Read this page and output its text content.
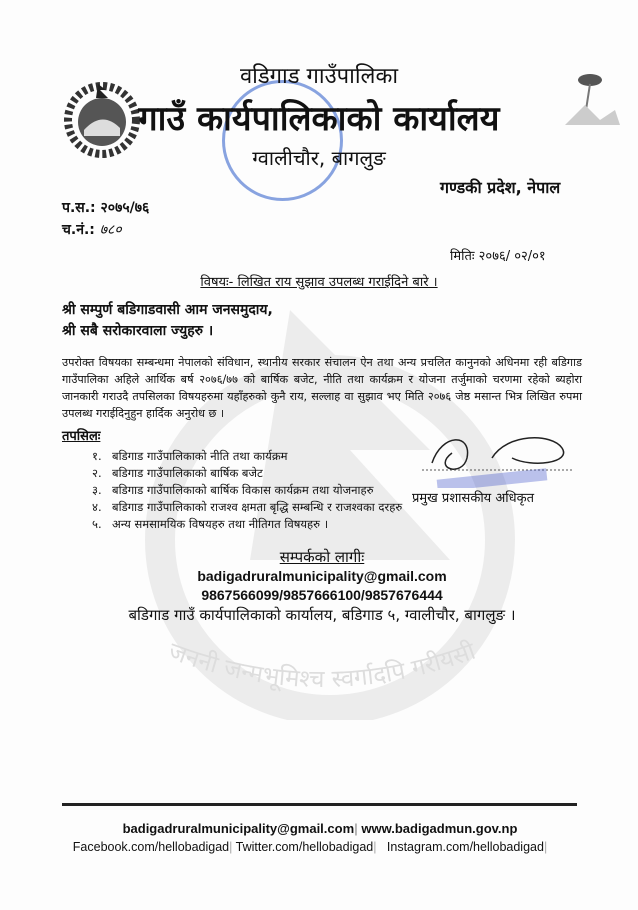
वडिगाड गाउँपालिका
गाउँ कार्यपालिकाको कार्यालय
ग्वालीचौर, बागलुङ
गण्डकी प्रदेश, नेपाल
प.स.: २०७५/७६
च.नं.: ७८०
मितिः २०७६/ ०२/०१
विषयः- लिखित राय सुझाव उपलब्ध गराईदिने बारे ।
श्री सम्पुर्ण बडिगाडवासी आम जनसमुदाय,
श्री सबै सरोकारवाला ज्युहरु ।
उपरोक्त विषयका सम्बन्धमा नेपालको संविधान, स्थानीय सरकार संचालन ऐन तथा अन्य प्रचलित कानुनको अधिनमा रही बडिगाड गाउँपालिका अहिले आर्थिक बर्ष २०७६/७७ को बार्षिक बजेट, नीति तथा कार्यक्रम र योजना तर्जुमाको चरणमा रहेको ब्यहोरा जानकारी गराउदै तपसिलका विषयहरुमा यहाँहरुको कुनै राय, सल्लाह वा सुझाव भए मिति २०७६ जेष्ठ मसान्त भित्र लिखित रुपमा उपलब्ध गराईदिनुहुन हार्दिक अनुरोध छ ।
तपसिलः
१. बडिगाड गाउँपालिकाको नीति तथा कार्यक्रम
२. बडिगाड गाउँपालिकाको बार्षिक बजेट
३. बडिगाड गाउँपालिकाको बार्षिक विकास कार्यक्रम तथा योजनाहरु
४. बडिगाड गाउँपालिकाको राजश्व क्षमता बृद्धि सम्बन्धि र राजश्वका दरहरु
५. अन्य समसामयिक विषयहरु तथा नीतिगत विषयहरु ।
प्रमुख प्रशासकीय अधिकृत
सम्पर्कको लागीः
badigadruralmunicipality@gmail.com
9867566099/9857666100/9857676444
बडिगाड गाउँ कार्यपालिकाको कार्यालय, बडिगाड ५, ग्वालीचौर, बागलुङ ।
जननी जन्मभूमिश्च स्वर्गादपि गरीयसी
badigadruralmunicipality@gmail.com| www.badigadmun.gov.np
Facebook.com/hellobadigad| Twitter.com/hellobadigad| Instagram.com/hellobadigad|
